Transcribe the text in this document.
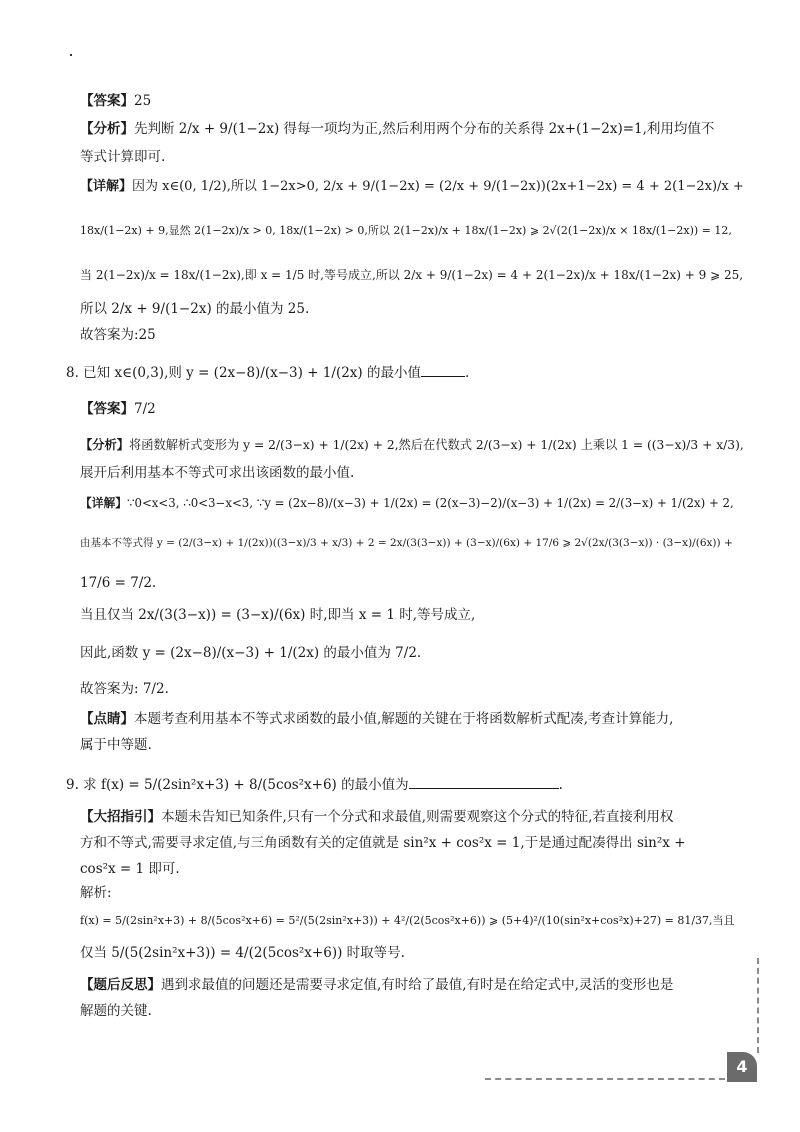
【答案】25
【分析】先判断 2/x + 9/(1−2x) 得每一项均为正,然后利用两个分布的关系得 2x+(1−2x)=1,利用均值不
等式计算即可.
【详解】因为 x∈(0, 1/2),所以 1−2x>0, 2/x + 9/(1−2x) = (2/x + 9/(1−2x))(2x+1−2x) = 4 + 2(1−2x)/x +
18x/(1−2x) + 9,显然 2(1−2x)/x > 0, 18x/(1−2x) > 0,所以 2(1−2x)/x + 18x/(1−2x) ⩾ 2√(2(1−2x)/x × 18x/(1−2x)) = 12,
当 2(1−2x)/x = 18x/(1−2x),即 x = 1/5 时,等号成立,所以 2/x + 9/(1−2x) = 4 + 2(1−2x)/x + 18x/(1−2x) + 9 ⩾ 25,
所以 2/x + 9/(1−2x) 的最小值为 25.
故答案为:25
8. 已知 x∈(0,3),则 y = (2x−8)/(x−3) + 1/(2x) 的最小值	.
【答案】7/2
【分析】将函数解析式变形为 y = 2/(3−x) + 1/(2x) + 2,然后在代数式 2/(3−x) + 1/(2x) 上乘以 1 = ((3−x)/3 + x/3),
展开后利用基本不等式可求出该函数的最小值.
【详解】∵0<x<3, ∴0<3−x<3, ∵y = (2x−8)/(x−3) + 1/(2x) = (2(x−3)−2)/(x−3) + 1/(2x) = 2/(3−x) + 1/(2x) + 2,
由基本不等式得 y = (2/(3−x) + 1/(2x))((3−x)/3 + x/3) + 2 = 2x/(3(3−x)) + (3−x)/(6x) + 17/6 ⩾ 2√(2x/(3(3−x)) · (3−x)/(6x)) +
17/6 = 7/2.
当且仅当 2x/(3(3−x)) = (3−x)/(6x) 时,即当 x = 1 时,等号成立,
因此,函数 y = (2x−8)/(x−3) + 1/(2x) 的最小值为 7/2.
故答案为: 7/2.
【点睛】本题考查利用基本不等式求函数的最小值,解题的关键在于将函数解析式配凑,考查计算能力,
属于中等题.
9. 求 f(x) = 5/(2sin²x+3) + 8/(5cos²x+6) 的最小值为	.
【大招指引】本题未告知已知条件,只有一个分式和求最值,则需要观察这个分式的特征,若直接利用权
方和不等式,需要寻求定值,与三角函数有关的定值就是 sin²x + cos²x = 1,于是通过配凑得出 sin²x +
cos²x = 1 即可.
解析:
f(x) = 5/(2sin²x+3) + 8/(5cos²x+6) = 5²/(5(2sin²x+3)) + 4²/(2(5cos²x+6)) ⩾ (5+4)²/(10(sin²x+cos²x)+27) = 81/37,当且
仅当 5/(5(2sin²x+3)) = 4/(2(5cos²x+6)) 时取等号.
【题后反思】遇到求最值的问题还是需要寻求定值,有时给了最值,有时是在给定式中,灵活的变形也是
解题的关键.
4
